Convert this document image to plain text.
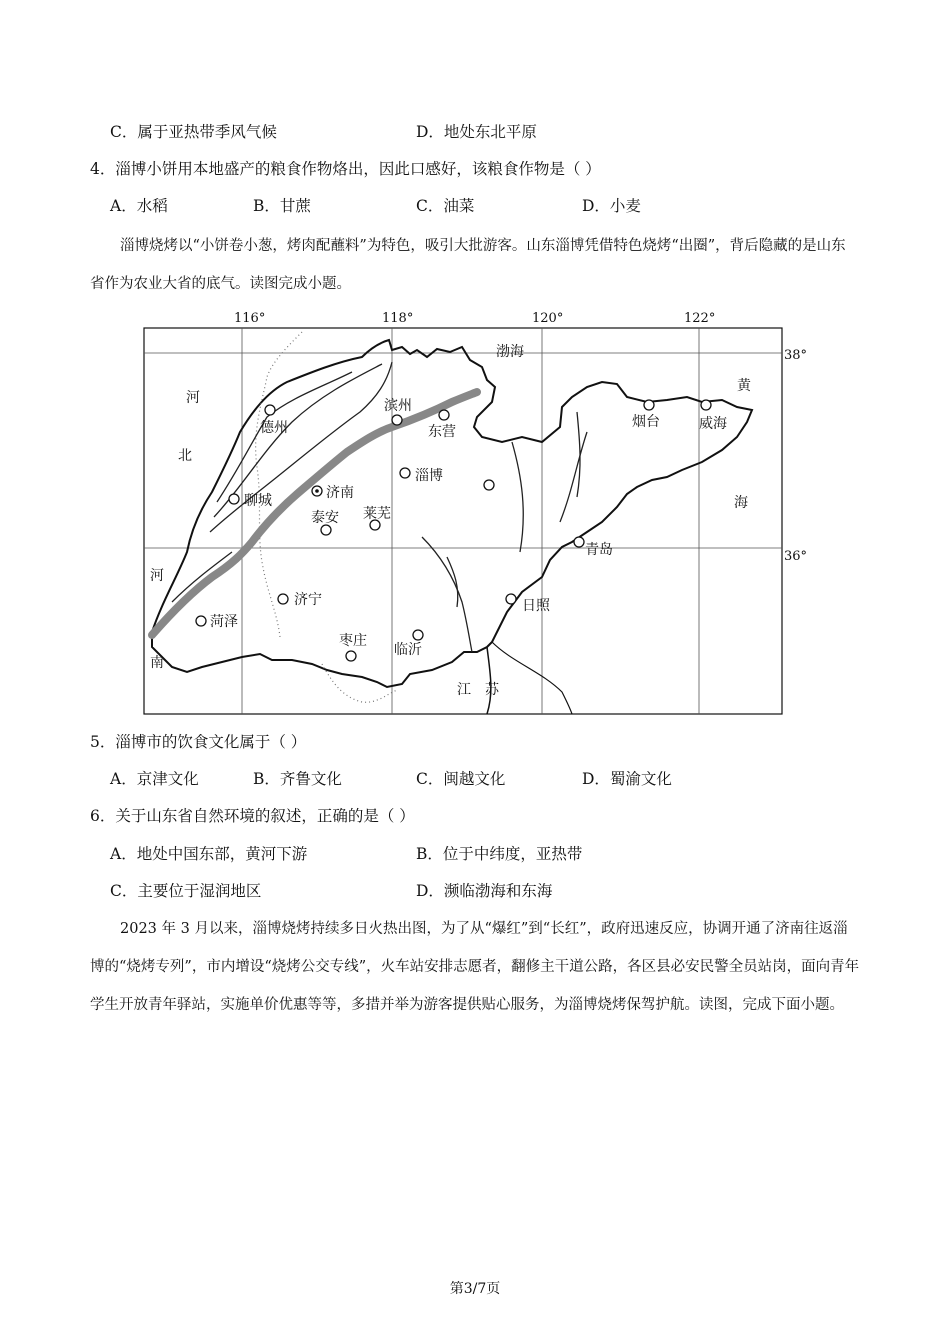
C．属于亚热带季风气候	D．地处东北平原
4．淄博小饼用本地盛产的粮食作物烙出，因此口感好，该粮食作物是（ ）
A．水稻	B．甘蔗	C．油菜	D．小麦
淄博烧烤以“小饼卷小葱，烤肉配蘸料”为特色，吸引大批游客。山东淄博凭借特色烧烤“出圈”，背后隐藏的是山东省作为农业大省的底气。读图完成小题。
116°	118°	120°	122°
38°
36°
渤海
黄
海
河
北
河
南
江　苏
德州
滨州
东营
烟台	威海
聊城	济南
淄博
泰安 莱芜
青岛
济宁
菏泽
日照
枣庄
临沂
5．淄博市的饮食文化属于（ ）
A．京津文化	B．齐鲁文化	C．闽越文化	D．蜀渝文化
6．关于山东省自然环境的叙述，正确的是（ ）
A．地处中国东部，黄河下游	B．位于中纬度，亚热带
C．主要位于湿润地区	D．濒临渤海和东海
2023 年 3 月以来，淄博烧烤持续多日火热出图，为了从“爆红”到“长红”，政府迅速反应，协调开通了济南往返淄博的“烧烤专列”，市内增设“烧烤公交专线”，火车站安排志愿者，翻修主干道公路，各区县必安民警全员站岗，面向青年学生开放青年驿站，实施单价优惠等等，多措并举为游客提供贴心服务，为淄博烧烤保驾护航。读图，完成下面小题。
第3/7页
